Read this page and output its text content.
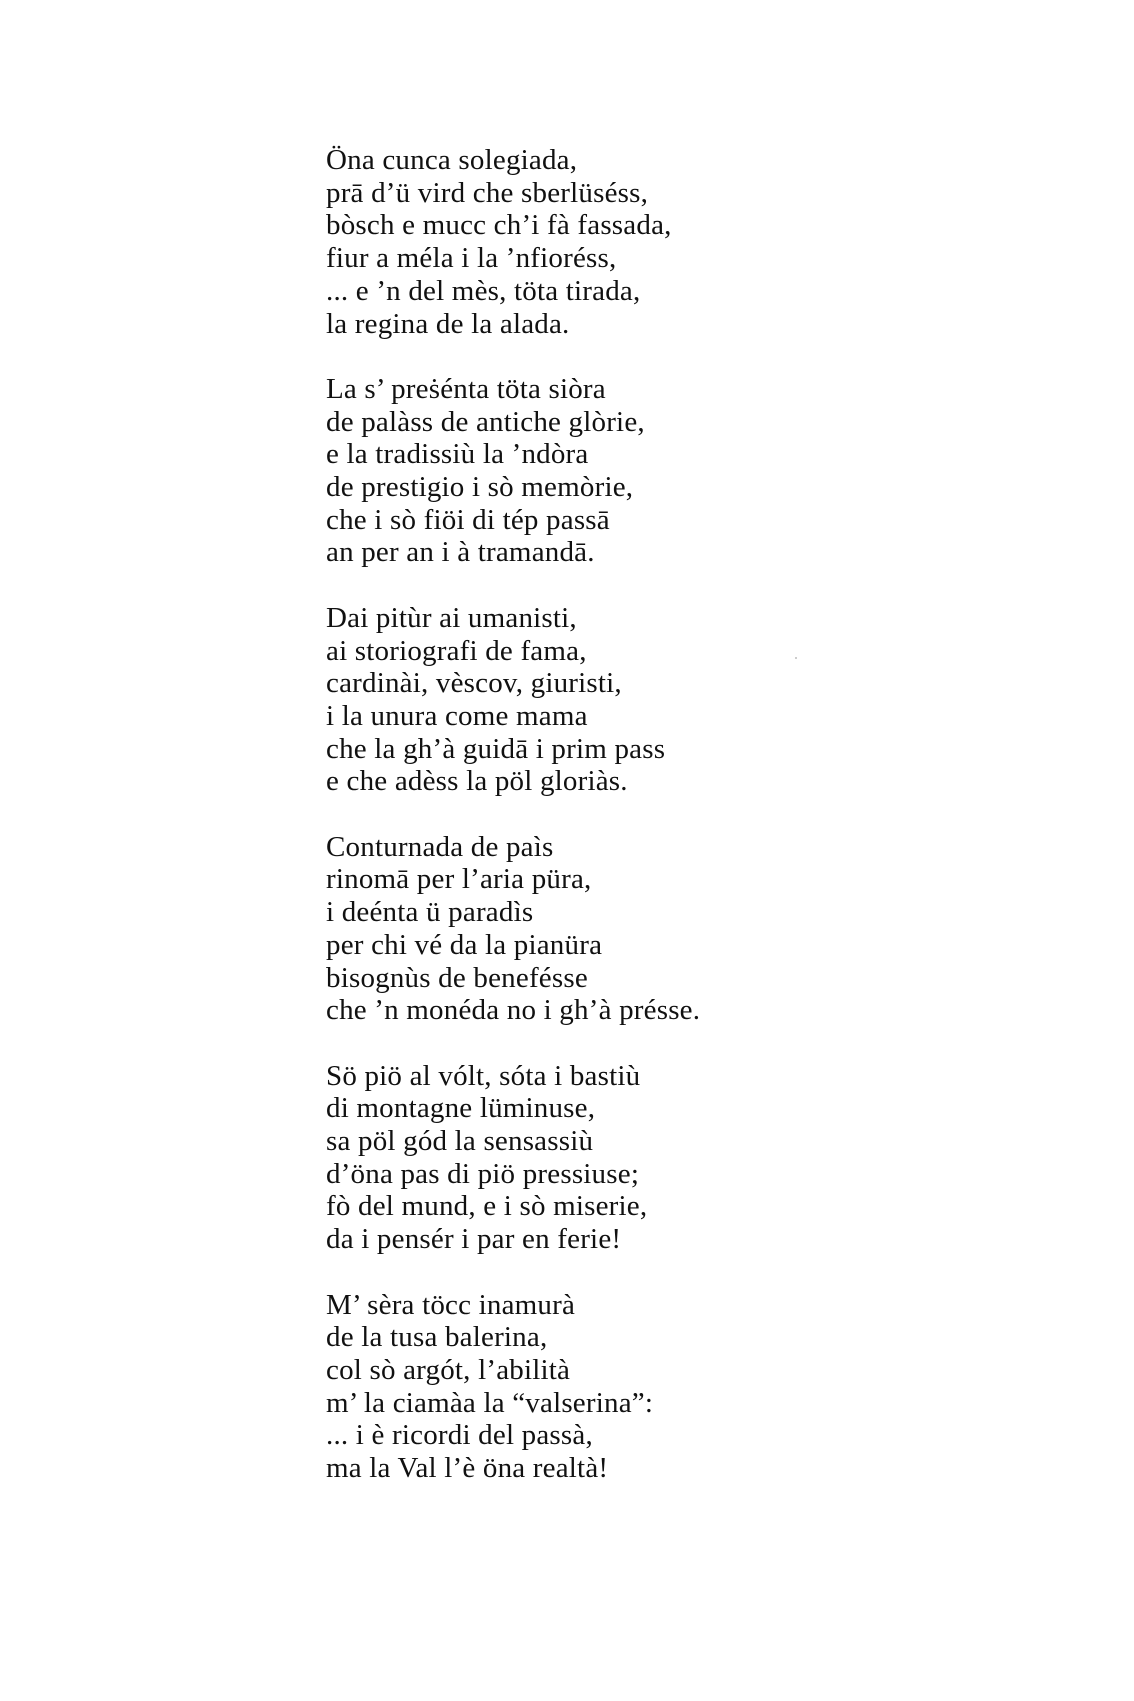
Öna cunca solegiada,
prā d’ü vird che sberlüséss,
bòsch e mucc ch’i fà fassada,
fiur a méla i la ’nfioréss,
... e ’n del mès, töta tirada,
la regina de la alada.
La s’ preṡénta töta siòra
de palàss de antiche glòrie,
e la tradissiù la ’ndòra
de prestigio i sò memòrie,
che i sò fiöi di tép passā
an per an i à tramandā.
Dai pitùr ai umanisti,
ai storiografi de fama,
cardinài, vèscov, giuristi,
i la unura come mama
che la gh’à guidā i prim pass
e che adèss la pöl gloriàs.
Conturnada de paìs
rinomā per l’aria püra,
i deénta ü paradìs
per chi vé da la pianüra
bisognùs de benefésse
che ’n monéda no i gh’à présse.
Sö piö al vólt, sóta i bastiù
di montagne lüminuse,
sa pöl gód la sensassiù
d’öna pas di piö pressiuse;
fò del mund, e i sò miserie,
da i pensér i par en ferie!
M’ sèra töcc inamurà
de la tusa balerina,
col sò argót, l’abilità
m’ la ciamàa la “valserina”:
... i è ricordi del passà,
ma la Val l’è öna realtà!
